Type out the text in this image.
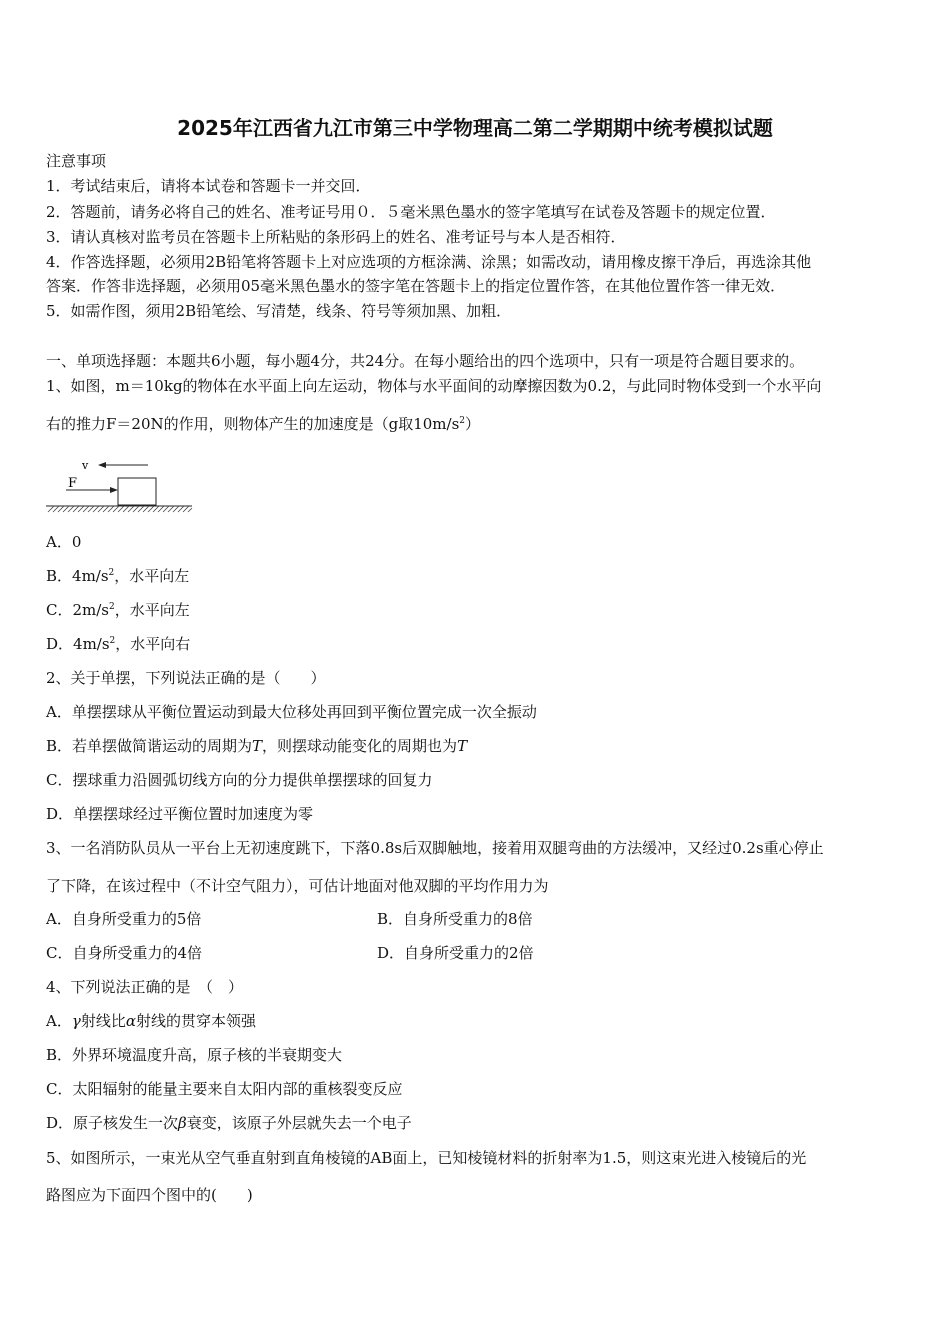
2025年江西省九江市第三中学物理高二第二学期期中统考模拟试题
注意事项
1．考试结束后，请将本试卷和答题卡一并交回．
2．答题前，请务必将自己的姓名、准考证号用０．５毫米黑色墨水的签字笔填写在试卷及答题卡的规定位置．
3．请认真核对监考员在答题卡上所粘贴的条形码上的姓名、准考证号与本人是否相符．
4．作答选择题，必须用2B铅笔将答题卡上对应选项的方框涂满、涂黑；如需改动，请用橡皮擦干净后，再选涂其他
答案．作答非选择题，必须用05毫米黑色墨水的签字笔在答题卡上的指定位置作答，在其他位置作答一律无效．
5．如需作图，须用2B铅笔绘、写清楚，线条、符号等须加黑、加粗．
一、单项选择题：本题共6小题，每小题4分，共24分。在每小题给出的四个选项中，只有一项是符合题目要求的。
1、如图，m＝10kg的物体在水平面上向左运动，物体与水平面间的动摩擦因数为0.2，与此同时物体受到一个水平向
右的推力F＝20N的作用，则物体产生的加速度是（g取$10m/s^2$）
v
F
A．0
B．$4m/s^2$，水平向左
C．$2m/s^2$，水平向左
D．$4m/s^2$，水平向右
2、关于单摆，下列说法正确的是（　　）
A．单摆摆球从平衡位置运动到最大位移处再回到平衡位置完成一次全振动
B．若单摆做简谐运动的周期为T，则摆球动能变化的周期也为T
C．摆球重力沿圆弧切线方向的分力提供单摆摆球的回复力
D．单摆摆球经过平衡位置时加速度为零
3、一名消防队员从一平台上无初速度跳下，下落0.8s后双脚触地，接着用双腿弯曲的方法缓冲，又经过0.2s重心停止
了下降，在该过程中（不计空气阻力），可估计地面对他双脚的平均作用力为
A．自身所受重力的5倍	B．自身所受重力的8倍
C．自身所受重力的4倍	D．自身所受重力的2倍
4、下列说法正确的是　（　）
A．γ射线比α射线的贯穿本领强
B．外界环境温度升高，原子核的半衰期变大
C．太阳辐射的能量主要来自太阳内部的重核裂变反应
D．原子核发生一次β衰变，该原子外层就失去一个电子
5、如图所示，一束光从空气垂直射到直角棱镜的AB面上，已知棱镜材料的折射率为1.5，则这束光进入棱镜后的光
路图应为下面四个图中的(　　)
